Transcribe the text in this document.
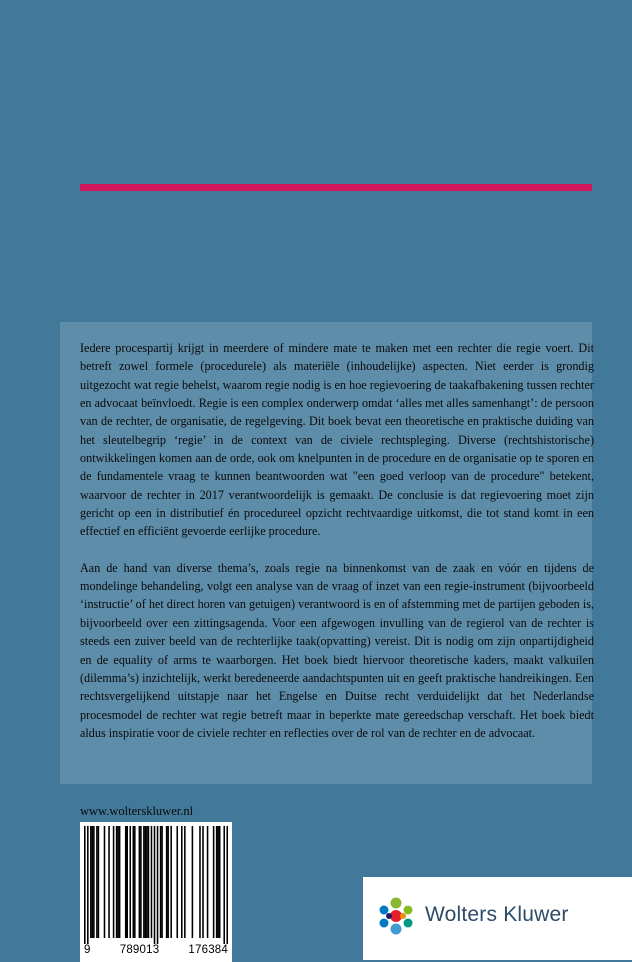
Iedere procespartij krijgt in meerdere of mindere mate te maken met een rechter die regie voert. Dit betreft zowel formele (procedurele) als materiële (inhoudelijke) aspecten. Niet eerder is grondig uitgezocht wat regie behelst, waarom regie nodig is en hoe regievoering de taakafbakening tussen rechter en advocaat beïnvloedt. Regie is een complex onderwerp omdat ‘alles met alles samenhangt’: de persoon van de rechter, de organisatie, de regelgeving. Dit boek bevat een theoretische en praktische duiding van het sleutelbegrip ‘regie’ in de context van de civiele rechtspleging. Diverse (rechtshistorische) ontwikkelingen komen aan de orde, ook om knelpunten in de procedure en de organisatie op te sporen en de fundamentele vraag te kunnen beantwoorden wat "een goed verloop van de procedure" betekent, waarvoor de rechter in 2017 verantwoordelijk is gemaakt. De conclusie is dat regievoering moet zijn gericht op een in distributief én procedureel opzicht rechtvaardige uitkomst, die tot stand komt in een effectief en efficiënt gevoerde eerlijke procedure.

Aan de hand van diverse thema’s, zoals regie na binnenkomst van de zaak en vóór en tijdens de mondelinge behandeling, volgt een analyse van de vraag of inzet van een regie-instrument (bijvoorbeeld ‘instructie’ of het direct horen van getuigen) verantwoord is en of afstemming met de partijen geboden is, bijvoorbeeld over een zittingsagenda. Voor een afgewogen invulling van de regierol van de rechter is steeds een zuiver beeld van de rechterlijke taak(opvatting) vereist. Dit is nodig om zijn onpartijdigheid en de equality of arms te waarborgen. Het boek biedt hiervoor theoretische kaders, maakt valkuilen (dilemma’s) inzichtelijk, werkt beredeneerde aandachtspunten uit en geeft praktische handreikingen. Een rechtsvergelijkend uitstapje naar het Engelse en Duitse recht verduidelijkt dat het Nederlandse procesmodel de rechter wat regie betreft maar in beperkte mate gereedschap verschaft. Het boek biedt aldus inspiratie voor de civiele rechter en reflecties over de rol van de rechter en de advocaat.

www.wolterskluwer.nl
9	789013	176384
Wolters Kluwer
